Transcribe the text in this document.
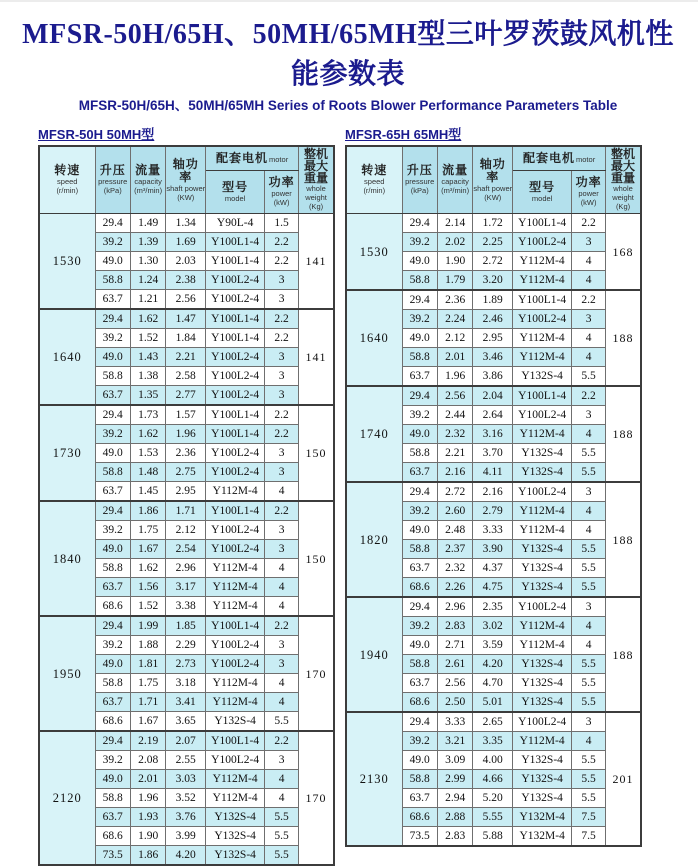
MFSR-50H/65H、50MH/65MH型三叶罗茨鼓风机性能参数表
MFSR-50H/65H、50MH/65MH Series of Roots Blower Performance Parameters Table
MFSR-50H 50MH型
转速
speed
(r/min)	升压
pressure
(kPa)	流量
capacity
(m³/min)	轴功率
shaft power
(KW)	配套电机motor		整机最大重量
whole weight
(Kg)

				型号
model	功率
power (kW)	

1530	29.4	1.49	1.34	Y90L-4	1.5	141
	39.2	1.39	1.69	Y100L1-4	2.2	
	49.0	1.30	2.03	Y100L1-4	2.2	
	58.8	1.24	2.38	Y100L2-4	3	
	63.7	1.21	2.56	Y100L2-4	3	
1640	29.4	1.62	1.47	Y100L1-4	2.2	141
	39.2	1.52	1.84	Y100L1-4	2.2	
	49.0	1.43	2.21	Y100L2-4	3	
	58.8	1.38	2.58	Y100L2-4	3	
	63.7	1.35	2.77	Y100L2-4	3	
1730	29.4	1.73	1.57	Y100L1-4	2.2	150
	39.2	1.62	1.96	Y100L1-4	2.2	
	49.0	1.53	2.36	Y100L2-4	3	
	58.8	1.48	2.75	Y100L2-4	3	
	63.7	1.45	2.95	Y112M-4	4	
1840	29.4	1.86	1.71	Y100L1-4	2.2	150
	39.2	1.75	2.12	Y100L2-4	3	
	49.0	1.67	2.54	Y100L2-4	3	
	58.8	1.62	2.96	Y112M-4	4	
	63.7	1.56	3.17	Y112M-4	4	
	68.6	1.52	3.38	Y112M-4	4	
1950	29.4	1.99	1.85	Y100L1-4	2.2	170
	39.2	1.88	2.29	Y100L2-4	3	
	49.0	1.81	2.73	Y100L2-4	3	
	58.8	1.75	3.18	Y112M-4	4	
	63.7	1.71	3.41	Y112M-4	4	
	68.6	1.67	3.65	Y132S-4	5.5	
2120	29.4	2.19	2.07	Y100L1-4	2.2	170
	39.2	2.08	2.55	Y100L2-4	3	
	49.0	2.01	3.03	Y112M-4	4	
	58.8	1.96	3.52	Y112M-4	4	
	63.7	1.93	3.76	Y132S-4	5.5	
	68.6	1.90	3.99	Y132S-4	5.5	
	73.5	1.86	4.20	Y132S-4	5.5	
MFSR-65H 65MH型
转速
speed
(r/min)	升压
pressure
(kPa)	流量
capacity
(m³/min)	轴功率
shaft power
(KW)	配套电机motor		整机最大重量
whole weight
(Kg)

				型号
model	功率
power (kW)	

1530	29.4	2.14	1.72	Y100L1-4	2.2	168
	39.2	2.02	2.25	Y100L2-4	3	
	49.0	1.90	2.72	Y112M-4	4	
	58.8	1.79	3.20	Y112M-4	4	
1640	29.4	2.36	1.89	Y100L1-4	2.2	188
	39.2	2.24	2.46	Y100L2-4	3	
	49.0	2.12	2.95	Y112M-4	4	
	58.8	2.01	3.46	Y112M-4	4	
	63.7	1.96	3.86	Y132S-4	5.5	
1740	29.4	2.56	2.04	Y100L1-4	2.2	188
	39.2	2.44	2.64	Y100L2-4	3	
	49.0	2.32	3.16	Y112M-4	4	
	58.8	2.21	3.70	Y132S-4	5.5	
	63.7	2.16	4.11	Y132S-4	5.5	
1820	29.4	2.72	2.16	Y100L2-4	3	188
	39.2	2.60	2.79	Y112M-4	4	
	49.0	2.48	3.33	Y112M-4	4	
	58.8	2.37	3.90	Y132S-4	5.5	
	63.7	2.32	4.37	Y132S-4	5.5	
	68.6	2.26	4.75	Y132S-4	5.5	
1940	29.4	2.96	2.35	Y100L2-4	3	188
	39.2	2.83	3.02	Y112M-4	4	
	49.0	2.71	3.59	Y112M-4	4	
	58.8	2.61	4.20	Y132S-4	5.5	
	63.7	2.56	4.70	Y132S-4	5.5	
	68.6	2.50	5.01	Y132S-4	5.5	
2130	29.4	3.33	2.65	Y100L2-4	3	201
	39.2	3.21	3.35	Y112M-4	4	
	49.0	3.09	4.00	Y132S-4	5.5	
	58.8	2.99	4.66	Y132S-4	5.5	
	63.7	2.94	5.20	Y132S-4	5.5	
	68.6	2.88	5.55	Y132M-4	7.5	
	73.5	2.83	5.88	Y132M-4	7.5	
